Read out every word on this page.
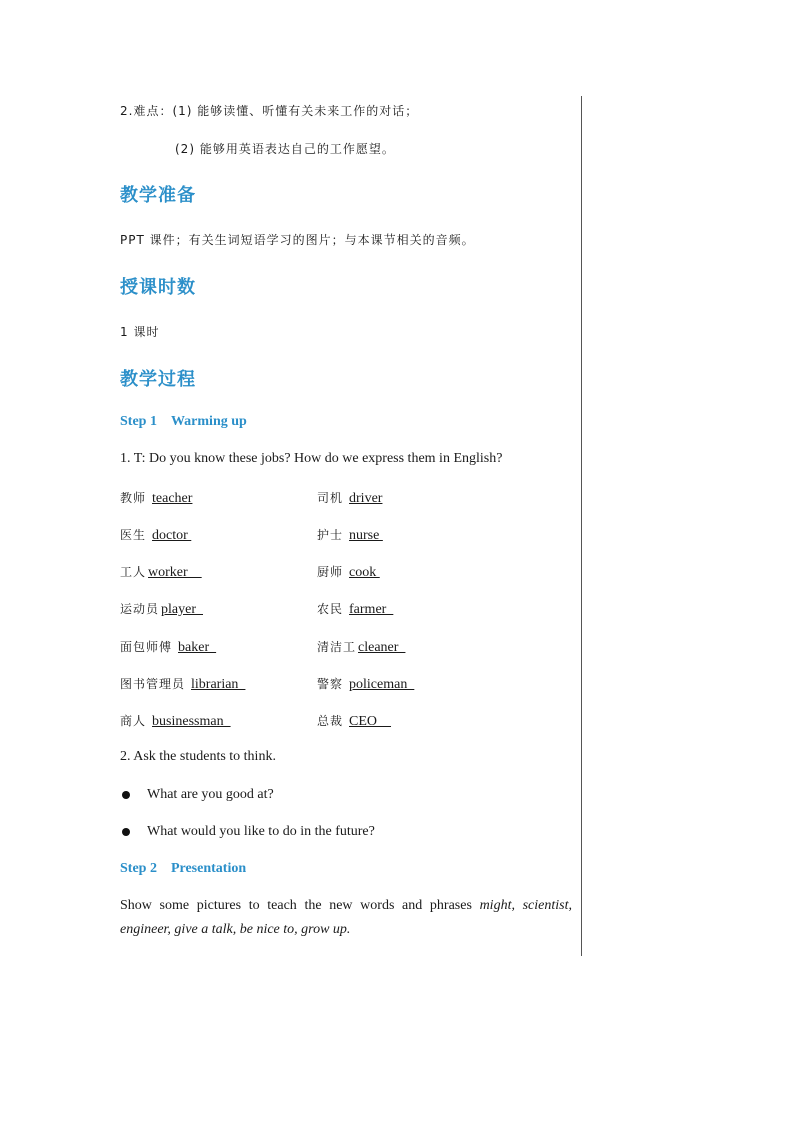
2.难点：(1) 能够读懂、听懂有关未来工作的对话；
(2) 能够用英语表达自己的工作愿望。
教学准备
PPT 课件；有关生词短语学习的图片；与本课节相关的音频。
授课时数
1 课时
教学过程
Step 1 Warming up
1. T: Do you know these jobs? How do we express them in English?
教师 teacher	司机 driver
医生 doctor	护士 nurse
工人 worker	厨师 cook
运动员 player	农民 farmer
面包师傅 baker	清洁工 cleaner
图书管理员 librarian	警察 policeman
商人 businessman	总裁 CEO
2. Ask the students to think.
What are you good at?
What would you like to do in the future?
Step 2 Presentation
Show some pictures to teach the new words and phrases might, scientist, engineer, give a talk, be nice to, grow up.
